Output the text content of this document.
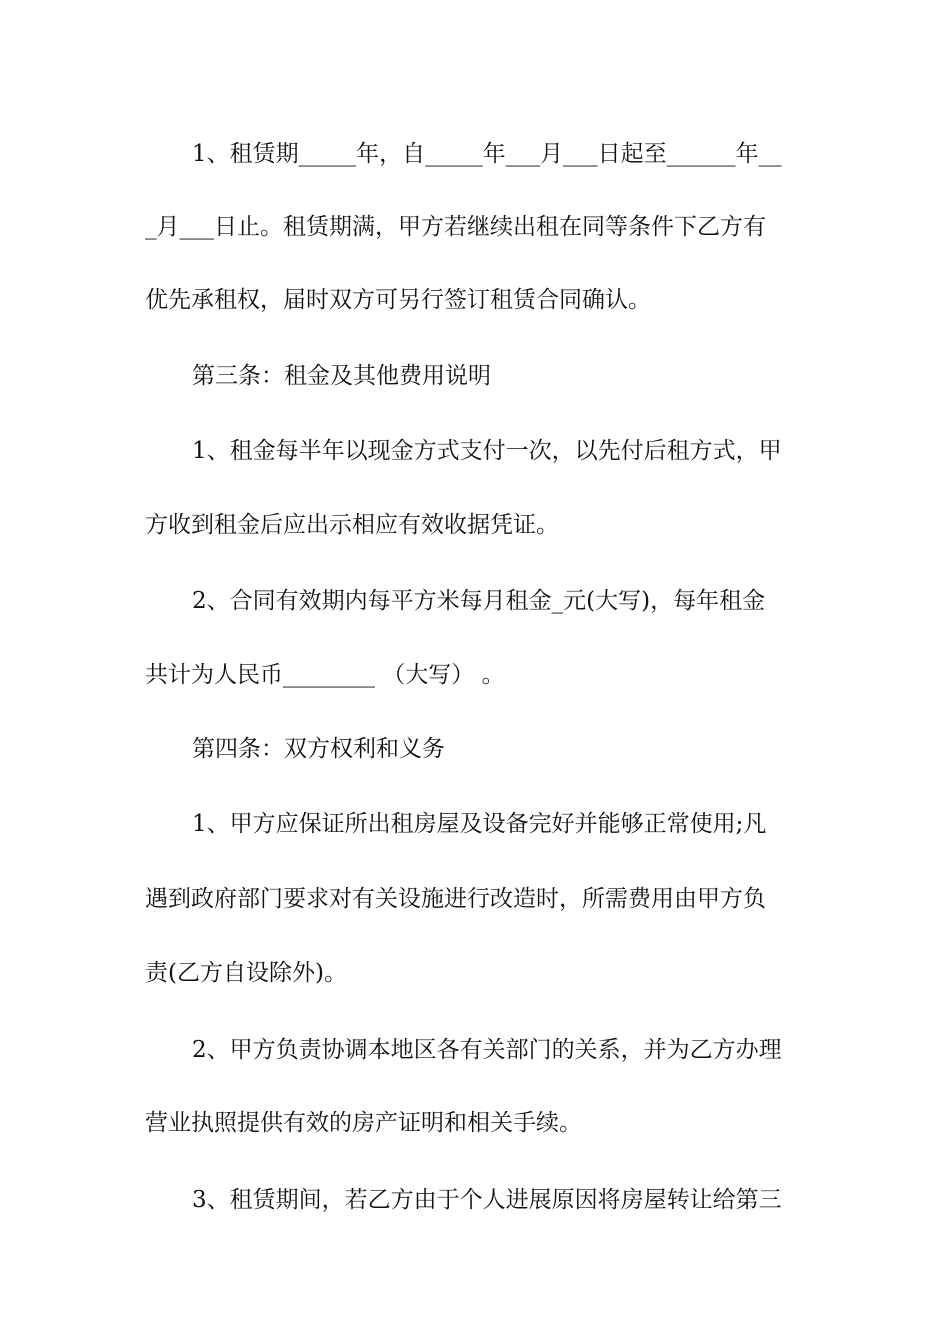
1、租赁期_____年，自_____年___月___日起至______年__
_月___日止。租赁期满，甲方若继续出租在同等条件下乙方有
优先承租权，届时双方可另行签订租赁合同确认。
第三条：租金及其他费用说明
1、租金每半年以现金方式支付一次，以先付后租方式，甲
方收到租金后应出示相应有效收据凭证。
2、合同有效期内每平方米每月租金_元(大写)，每年租金
共计为人民币________ （大写） 。
第四条：双方权利和义务
1、甲方应保证所出租房屋及设备完好并能够正常使用;凡
遇到政府部门要求对有关设施进行改造时，所需费用由甲方负
责(乙方自设除外)。
2、甲方负责协调本地区各有关部门的关系，并为乙方办理
营业执照提供有效的房产证明和相关手续。
3、租赁期间，若乙方由于个人进展原因将房屋转让给第三
